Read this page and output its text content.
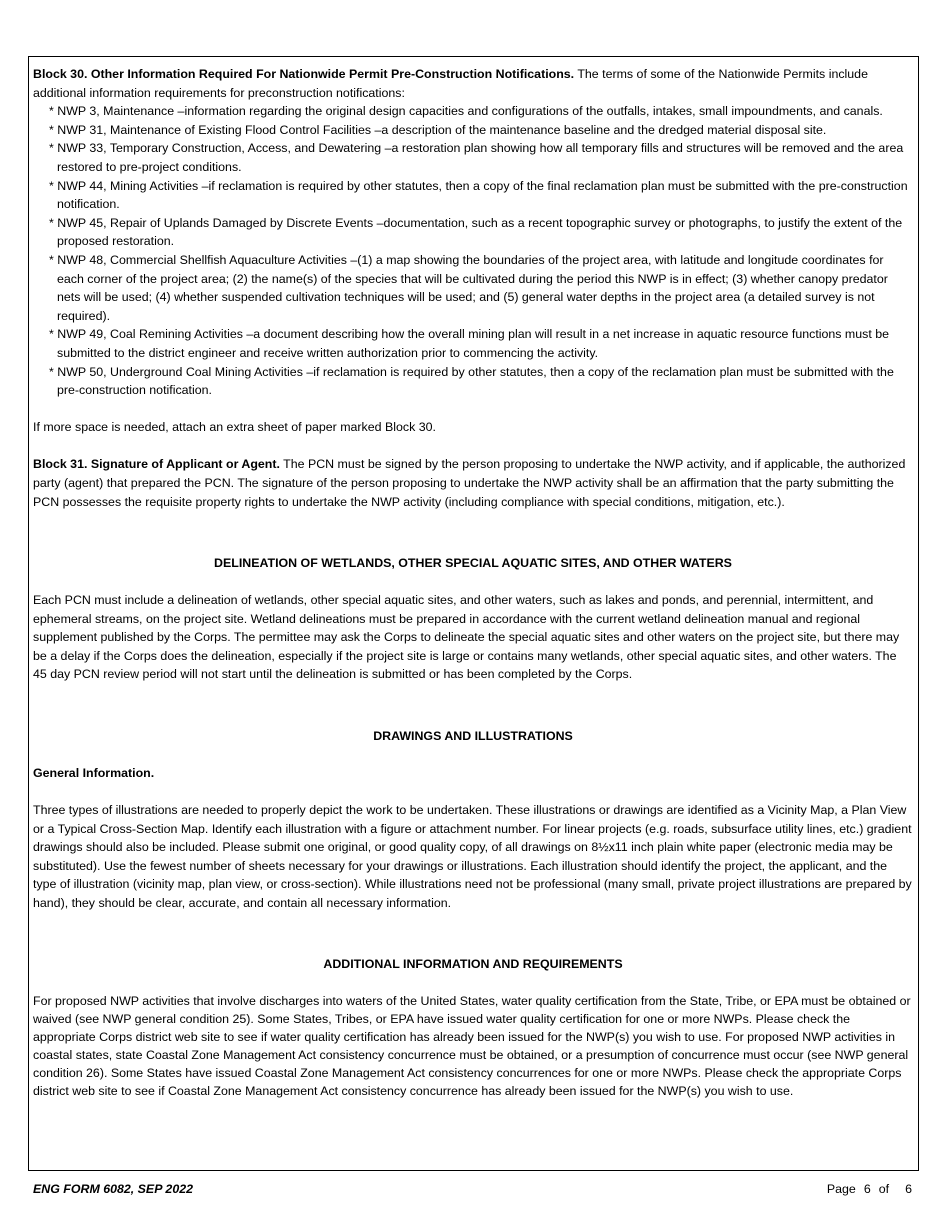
Block 30. Other Information Required For Nationwide Permit Pre-Construction Notifications. The terms of some of the Nationwide Permits include additional information requirements for preconstruction notifications:

* NWP 3, Maintenance –information regarding the original design capacities and configurations of the outfalls, intakes, small impoundments, and canals.

* NWP 31, Maintenance of Existing Flood Control Facilities –a description of the maintenance baseline and the dredged material disposal site.

* NWP 33, Temporary Construction, Access, and Dewatering –a restoration plan showing how all temporary fills and structures will be removed and the area restored to pre-project conditions.

* NWP 44, Mining Activities –if reclamation is required by other statutes, then a copy of the final reclamation plan must be submitted with the pre-construction notification.

* NWP 45, Repair of Uplands Damaged by Discrete Events –documentation, such as a recent topographic survey or photographs, to justify the extent of the proposed restoration.

* NWP 48, Commercial Shellfish Aquaculture Activities –(1) a map showing the boundaries of the project area, with latitude and longitude coordinates for each corner of the project area; (2) the name(s) of the species that will be cultivated during the period this NWP is in effect; (3) whether canopy predator nets will be used; (4) whether suspended cultivation techniques will be used; and (5) general water depths in the project area (a detailed survey is not required).

* NWP 49, Coal Remining Activities –a document describing how the overall mining plan will result in a net increase in aquatic resource functions must be submitted to the district engineer and receive written authorization prior to commencing the activity.

* NWP 50, Underground Coal Mining Activities –if reclamation is required by other statutes, then a copy of the reclamation plan must be submitted with the pre-construction notification.

If more space is needed, attach an extra sheet of paper marked Block 30.

Block 31. Signature of Applicant or Agent. The PCN must be signed by the person proposing to undertake the NWP activity, and if applicable, the authorized party (agent) that prepared the PCN. The signature of the person proposing to undertake the NWP activity shall be an affirmation that the party submitting the PCN possesses the requisite property rights to undertake the NWP activity (including compliance with special conditions, mitigation, etc.).

DELINEATION OF WETLANDS, OTHER SPECIAL AQUATIC SITES, AND OTHER WATERS

Each PCN must include a delineation of wetlands, other special aquatic sites, and other waters, such as lakes and ponds, and perennial, intermittent, and ephemeral streams, on the project site. Wetland delineations must be prepared in accordance with the current wetland delineation manual and regional supplement published by the Corps. The permittee may ask the Corps to delineate the special aquatic sites and other waters on the project site, but there may be a delay if the Corps does the delineation, especially if the project site is large or contains many wetlands, other special aquatic sites, and other waters. The 45 day PCN review period will not start until the delineation is submitted or has been completed by the Corps.

DRAWINGS AND ILLUSTRATIONS

General Information.

Three types of illustrations are needed to properly depict the work to be undertaken. These illustrations or drawings are identified as a Vicinity Map, a Plan View or a Typical Cross-Section Map. Identify each illustration with a figure or attachment number. For linear projects (e.g. roads, subsurface utility lines, etc.) gradient drawings should also be included. Please submit one original, or good quality copy, of all drawings on 8½x11 inch plain white paper (electronic media may be substituted). Use the fewest number of sheets necessary for your drawings or illustrations. Each illustration should identify the project, the applicant, and the type of illustration (vicinity map, plan view, or cross-section). While illustrations need not be professional (many small, private project illustrations are prepared by hand), they should be clear, accurate, and contain all necessary information.

ADDITIONAL INFORMATION AND REQUIREMENTS

For proposed NWP activities that involve discharges into waters of the United States, water quality certification from the State, Tribe, or EPA must be obtained or waived (see NWP general condition 25). Some States, Tribes, or EPA have issued water quality certification for one or more NWPs. Please check the appropriate Corps district web site to see if water quality certification has already been issued for the NWP(s) you wish to use. For proposed NWP activities in coastal states, state Coastal Zone Management Act consistency concurrence must be obtained, or a presumption of concurrence must occur (see NWP general condition 26). Some States have issued Coastal Zone Management Act consistency concurrences for one or more NWPs. Please check the appropriate Corps district web site to see if Coastal Zone Management Act consistency concurrence has already been issued for the NWP(s) you wish to use.

ENG FORM 6082, SEP 2022	Page 6 of 6
